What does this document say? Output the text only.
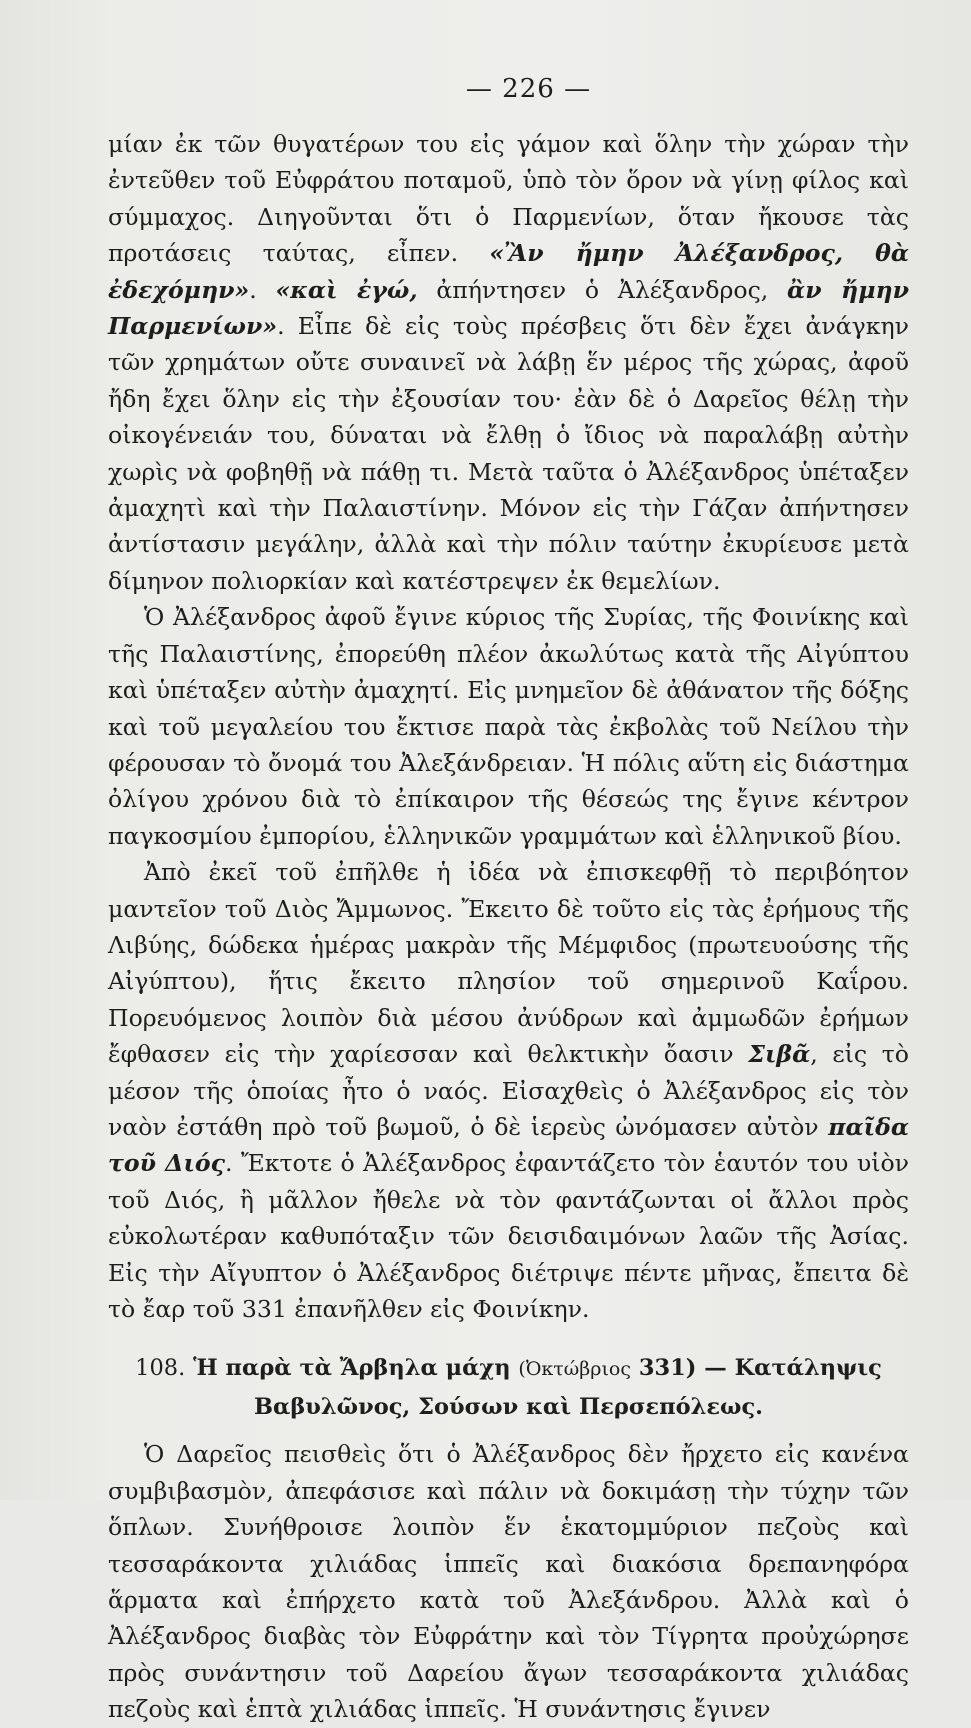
— 226 —

μίαν ἐκ τῶν θυγατέρων του εἰς γάμον καὶ ὅλην τὴν χώραν τὴν ἐντεῦθεν τοῦ Εὐφράτου ποταμοῦ, ὑπὸ τὸν ὅρον νὰ γίνῃ φίλος καὶ σύμμαχος. Διηγοῦνται ὅτι ὁ Παρμενίων, ὅταν ἤκουσε τὰς προτάσεις ταύτας, εἶπεν. «Ἂν ἤμην Ἀλέξανδρος, θὰ ἐδεχόμην». «καὶ ἐγώ, ἀπήντησεν ὁ Ἀλέξανδρος, ἂν ἤμην Παρμενίων». Εἶπε δὲ εἰς τοὺς πρέσβεις ὅτι δὲν ἔχει ἀνάγκην τῶν χρημάτων οὔτε συναινεῖ νὰ λάβῃ ἕν μέρος τῆς χώρας, ἀφοῦ ἤδη ἔχει ὅλην εἰς τὴν ἐξουσίαν του· ἐὰν δὲ ὁ Δαρεῖος θέλῃ τὴν οἰκογένειάν του, δύναται νὰ ἔλθῃ ὁ ἴδιος νὰ παραλάβῃ αὐτὴν χωρὶς νὰ φοβηθῇ νὰ πάθῃ τι. Μετὰ ταῦτα ὁ Ἀλέξανδρος ὑπέταξεν ἀμαχητὶ καὶ τὴν Παλαιστίνην. Μόνον εἰς τὴν Γάζαν ἀπήντησεν ἀντίστασιν μεγάλην, ἀλλὰ καὶ τὴν πόλιν ταύτην ἐκυρίευσε μετὰ δίμηνον πολιορκίαν καὶ κατέστρεψεν ἐκ θεμελίων.

Ὁ Ἀλέξανδρος ἀφοῦ ἔγινε κύριος τῆς Συρίας, τῆς Φοινίκης καὶ τῆς Παλαιστίνης, ἐπορεύθη πλέον ἀκωλύτως κατὰ τῆς Αἰγύπτου καὶ ὑπέταξεν αὐτὴν ἀμαχητί. Εἰς μνημεῖον δὲ ἀθάνατον τῆς δόξης καὶ τοῦ μεγαλείου του ἔκτισε παρὰ τὰς ἐκβολὰς τοῦ Νείλου τὴν φέρουσαν τὸ ὄνομά του Ἀλεξάνδρειαν. Ἡ πόλις αὕτη εἰς διάστημα ὀλίγου χρόνου διὰ τὸ ἐπίκαιρον τῆς θέσεώς της ἔγινε κέντρον παγκοσμίου ἐμπορίου, ἑλληνικῶν γραμμάτων καὶ ἑλληνικοῦ βίου.

Ἀπὸ ἐκεῖ τοῦ ἐπῆλθε ἡ ἰδέα νὰ ἐπισκεφθῇ τὸ περιβόητον μαντεῖον τοῦ Διὸς Ἄμμωνος. Ἔκειτο δὲ τοῦτο εἰς τὰς ἐρήμους τῆς Λιβύης, δώδεκα ἡμέρας μακρὰν τῆς Μέμφιδος (πρωτευούσης τῆς Αἰγύπτου), ἥτις ἔκειτο πλησίον τοῦ σημερινοῦ Καΐρου. Πορευόμενος λοιπὸν διὰ μέσου ἀνύδρων καὶ ἀμμωδῶν ἐρήμων ἔφθασεν εἰς τὴν χαρίεσσαν καὶ θελκτικὴν ὄασιν Σιβᾶ, εἰς τὸ μέσον τῆς ὁποίας ἦτο ὁ ναός. Εἰσαχθεὶς ὁ Ἀλέξανδρος εἰς τὸν ναὸν ἐστάθη πρὸ τοῦ βωμοῦ, ὁ δὲ ἱερεὺς ὠνόμασεν αὐτὸν παῖδα τοῦ Διός. Ἔκτοτε ὁ Ἀλέξανδρος ἐφαντάζετο τὸν ἑαυτόν του υἱὸν τοῦ Διός, ἢ μᾶλλον ἤθελε νὰ τὸν φαντάζωνται οἱ ἄλλοι πρὸς εὐκολωτέραν καθυπόταξιν τῶν δεισιδαιμόνων λαῶν τῆς Ἀσίας. Εἰς τὴν Αἴγυπτον ὁ Ἀλέξανδρος διέτριψε πέντε μῆνας, ἔπειτα δὲ τὸ ἔαρ τοῦ 331 ἐπανῆλθεν εἰς Φοινίκην.

108. Ἡ παρὰ τὰ Ἄρβηλα μάχη (Ὀκτώβριος 331) — Κατάληψις
Βαβυλῶνος, Σούσων καὶ Περσεπόλεως.

Ὁ Δαρεῖος πεισθεὶς ὅτι ὁ Ἀλέξανδρος δὲν ἤρχετο εἰς κανένα συμβιβασμὸν, ἀπεφάσισε καὶ πάλιν νὰ δοκιμάσῃ τὴν τύχην τῶν ὅπλων. Συνήθροισε λοιπὸν ἕν ἑκατομμύριον πεζοὺς καὶ τεσσαράκοντα χιλιάδας ἱππεῖς καὶ διακόσια δρεπανηφόρα ἅρματα καὶ ἐπήρχετο κατὰ τοῦ Ἀλεξάνδρου. Ἀλλὰ καὶ ὁ Ἀλέξανδρος διαβὰς τὸν Εὐφράτην καὶ τὸν Τίγρητα προὐχώρησε πρὸς συνάντησιν τοῦ Δαρείου ἄγων τεσσαράκοντα χιλιάδας πεζοὺς καὶ ἑπτὰ χιλιάδας ἱππεῖς. Ἡ συνάντησις ἔγινεν
